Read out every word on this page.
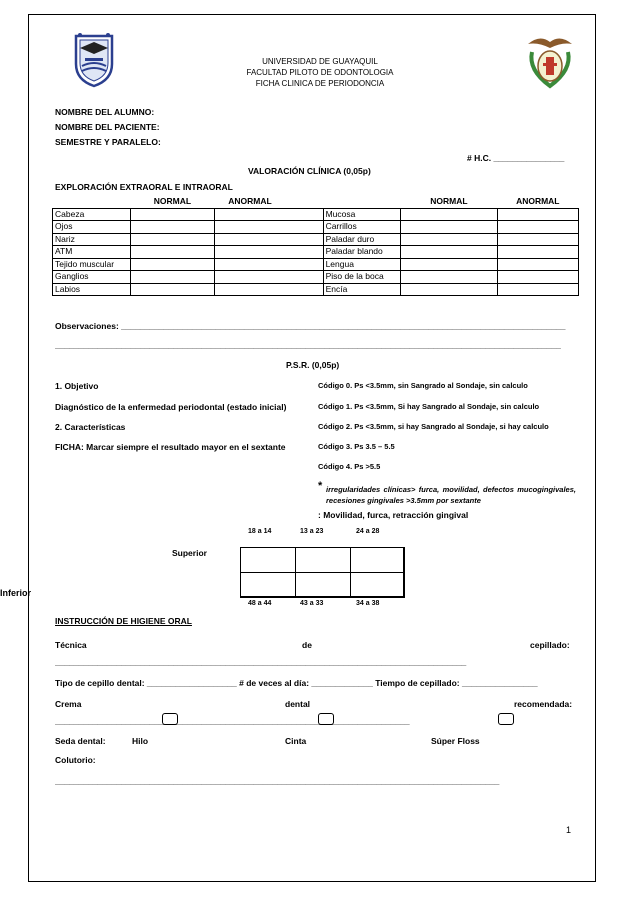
UNIVERSIDAD DE GUAYAQUIL
FACULTAD PILOTO DE ODONTOLOGIA
FICHA CLINICA DE PERIODONCIA
NOMBRE DEL ALUMNO:
NOMBRE DEL PACIENTE:
SEMESTRE Y PARALELO:
# H.C. _______________
VALORACIÓN CLÍNICA (0,05p)
EXPLORACIÓN EXTRAORAL E INTRAORAL
	NORMAL	ANORMAL			NORMAL	ANORMAL
Cabeza				Mucosa		
Ojos				Carrillos		
Nariz				Paladar duro		
ATM				Paladar blando		
Tejido muscular				Lengua		
Ganglios				Piso de la boca		
Labios				Encía		
Observaciones: ______________________________________________________________________________________________
___________________________________________________________________________________________________________
P.S.R. (0,05p)
1. Objetivo
Diagnóstico de la enfermedad periodontal (estado inicial)
2. Características
FICHA: Marcar siempre el resultado mayor en el sextante
Código 0. Ps <3.5mm, sin Sangrado al Sondaje, sin calculo
Código 1. Ps <3.5mm, Si hay Sangrado al Sondaje, sin calculo
Código 2. Ps <3.5mm, si hay Sangrado al Sondaje, si hay calculo
Código 3. Ps 3.5 – 5.5
Código 4. Ps >5.5
* irregularidades clínicas> furca, movilidad, defectos mucogingivales, recesiones gingivales >3.5mm por sextante
: Movilidad, furca, retracción gingival
18 a 14	13 a 23	24 a 28
Superior
Inferior
48 a 44	43 a 33	34 a 38
INSTRUCCIÓN DE HIGIENE ORAL
Técnica	de	cepillado:
_______________________________________________________________________________________
Tipo de cepillo dental: ___________________ # de veces al día: _____________ Tiempo de cepillado: ________________
Crema	dental	recomendada:
___________________________________________________________________________
Seda dental:	Hilo	Cinta	Súper Floss
Colutorio:
______________________________________________________________________________________________
1
